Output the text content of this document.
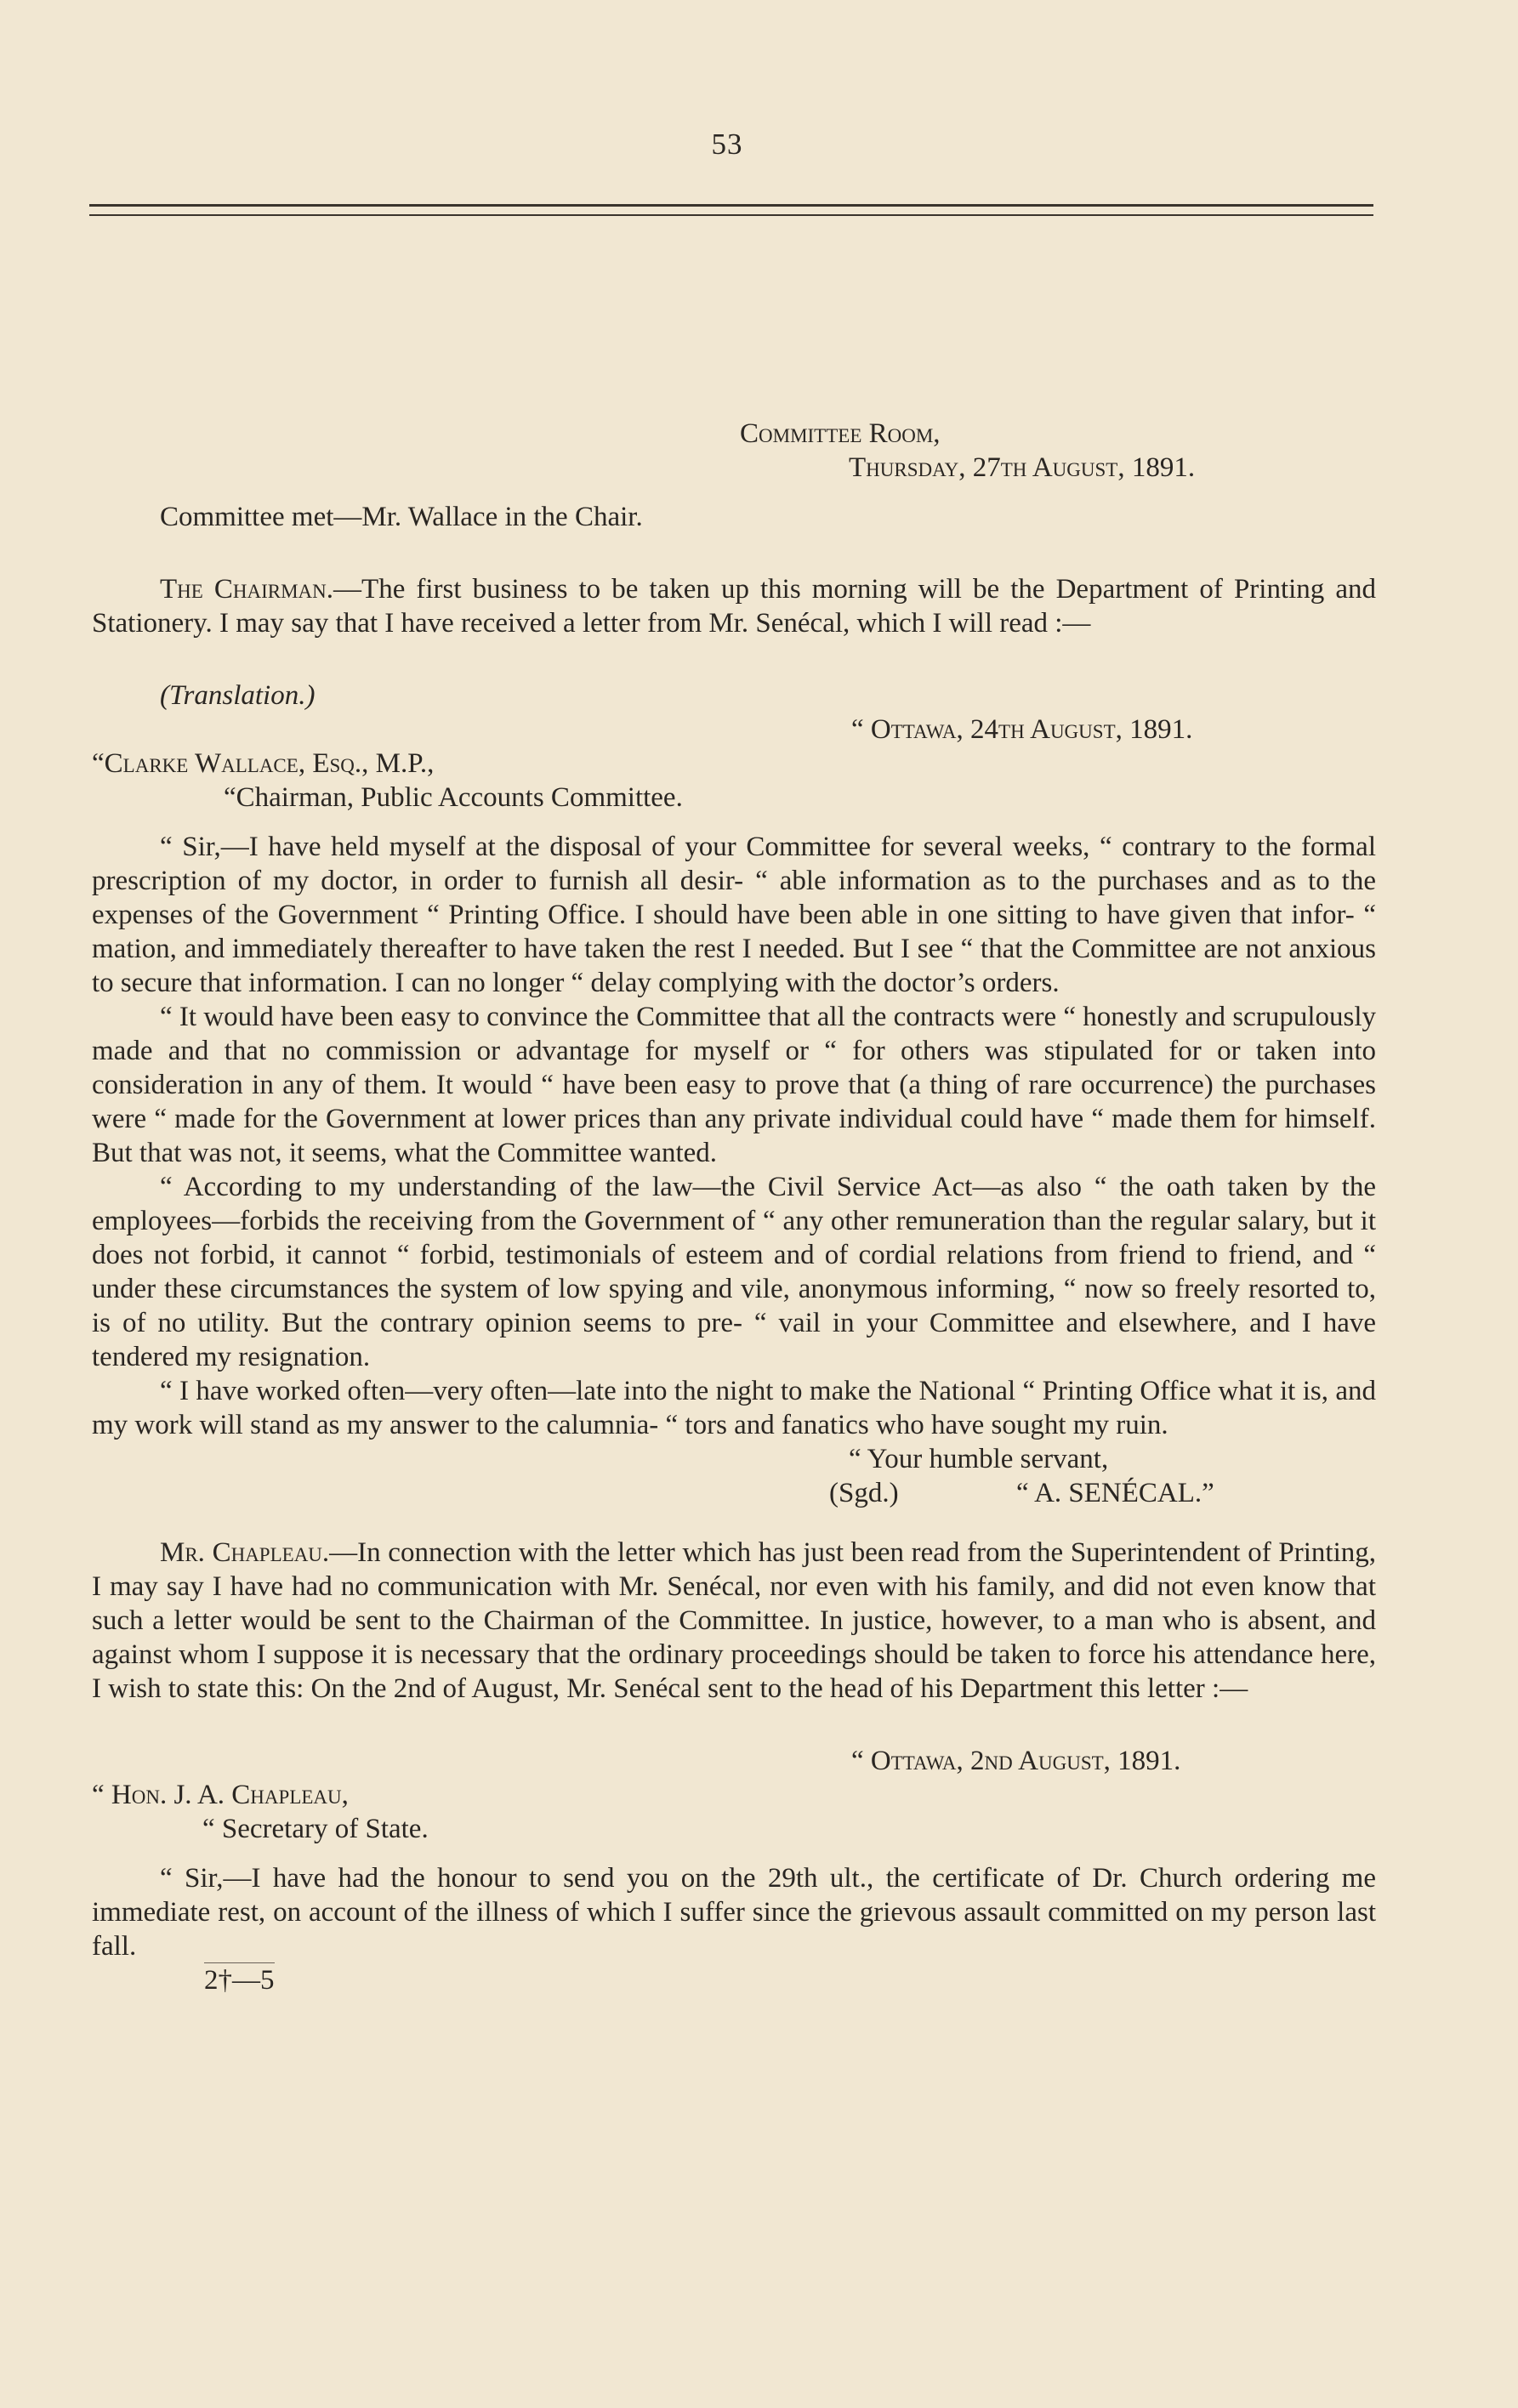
53

Committee Room,

Thursday, 27th August, 1891.

Committee met—Mr. Wallace in the Chair.

The Chairman.—The first business to be taken up this morning will be the Department of Printing and Stationery. I may say that I have received a letter from Mr. Senécal, which I will read :—

(Translation.)

“ Ottawa, 24th August, 1891.

“Clarke Wallace, Esq., M.P.,

“Chairman, Public Accounts Committee.

“ Sir,—I have held myself at the disposal of your Committee for several weeks, “ contrary to the formal prescription of my doctor, in order to furnish all desir- “ able information as to the purchases and as to the expenses of the Government “ Printing Office. I should have been able in one sitting to have given that infor- “ mation, and immediately thereafter to have taken the rest I needed. But I see “ that the Committee are not anxious to secure that information. I can no longer “ delay complying with the doctor’s orders.

“ It would have been easy to convince the Committee that all the contracts were “ honestly and scrupulously made and that no commission or advantage for myself or “ for others was stipulated for or taken into consideration in any of them. It would “ have been easy to prove that (a thing of rare occurrence) the purchases were “ made for the Government at lower prices than any private individual could have “ made them for himself. But that was not, it seems, what the Committee wanted.

“ According to my understanding of the law—the Civil Service Act—as also “ the oath taken by the employees—forbids the receiving from the Government of “ any other remuneration than the regular salary, but it does not forbid, it cannot “ forbid, testimonials of esteem and of cordial relations from friend to friend, and “ under these circumstances the system of low spying and vile, anonymous informing, “ now so freely resorted to, is of no utility. But the contrary opinion seems to pre- “ vail in your Committee and elsewhere, and I have tendered my resignation.

“ I have worked often—very often—late into the night to make the National “ Printing Office what it is, and my work will stand as my answer to the calumnia- “ tors and fanatics who have sought my ruin.

“ Your humble servant,

(Sgd.)	“ A. SENÉCAL.”

Mr. Chapleau.—In connection with the letter which has just been read from the Superintendent of Printing, I may say I have had no communication with Mr. Senécal, nor even with his family, and did not even know that such a letter would be sent to the Chairman of the Committee. In justice, however, to a man who is absent, and against whom I suppose it is necessary that the ordinary proceedings should be taken to force his attendance here, I wish to state this: On the 2nd of August, Mr. Senécal sent to the head of his Department this letter :—

“ Ottawa, 2nd August, 1891.

“ Hon. J. A. Chapleau,

“ Secretary of State.

“ Sir,—I have had the honour to send you on the 29th ult., the certificate of Dr. Church ordering me immediate rest, on account of the illness of which I suffer since the grievous assault committed on my person last fall.

2†—5
